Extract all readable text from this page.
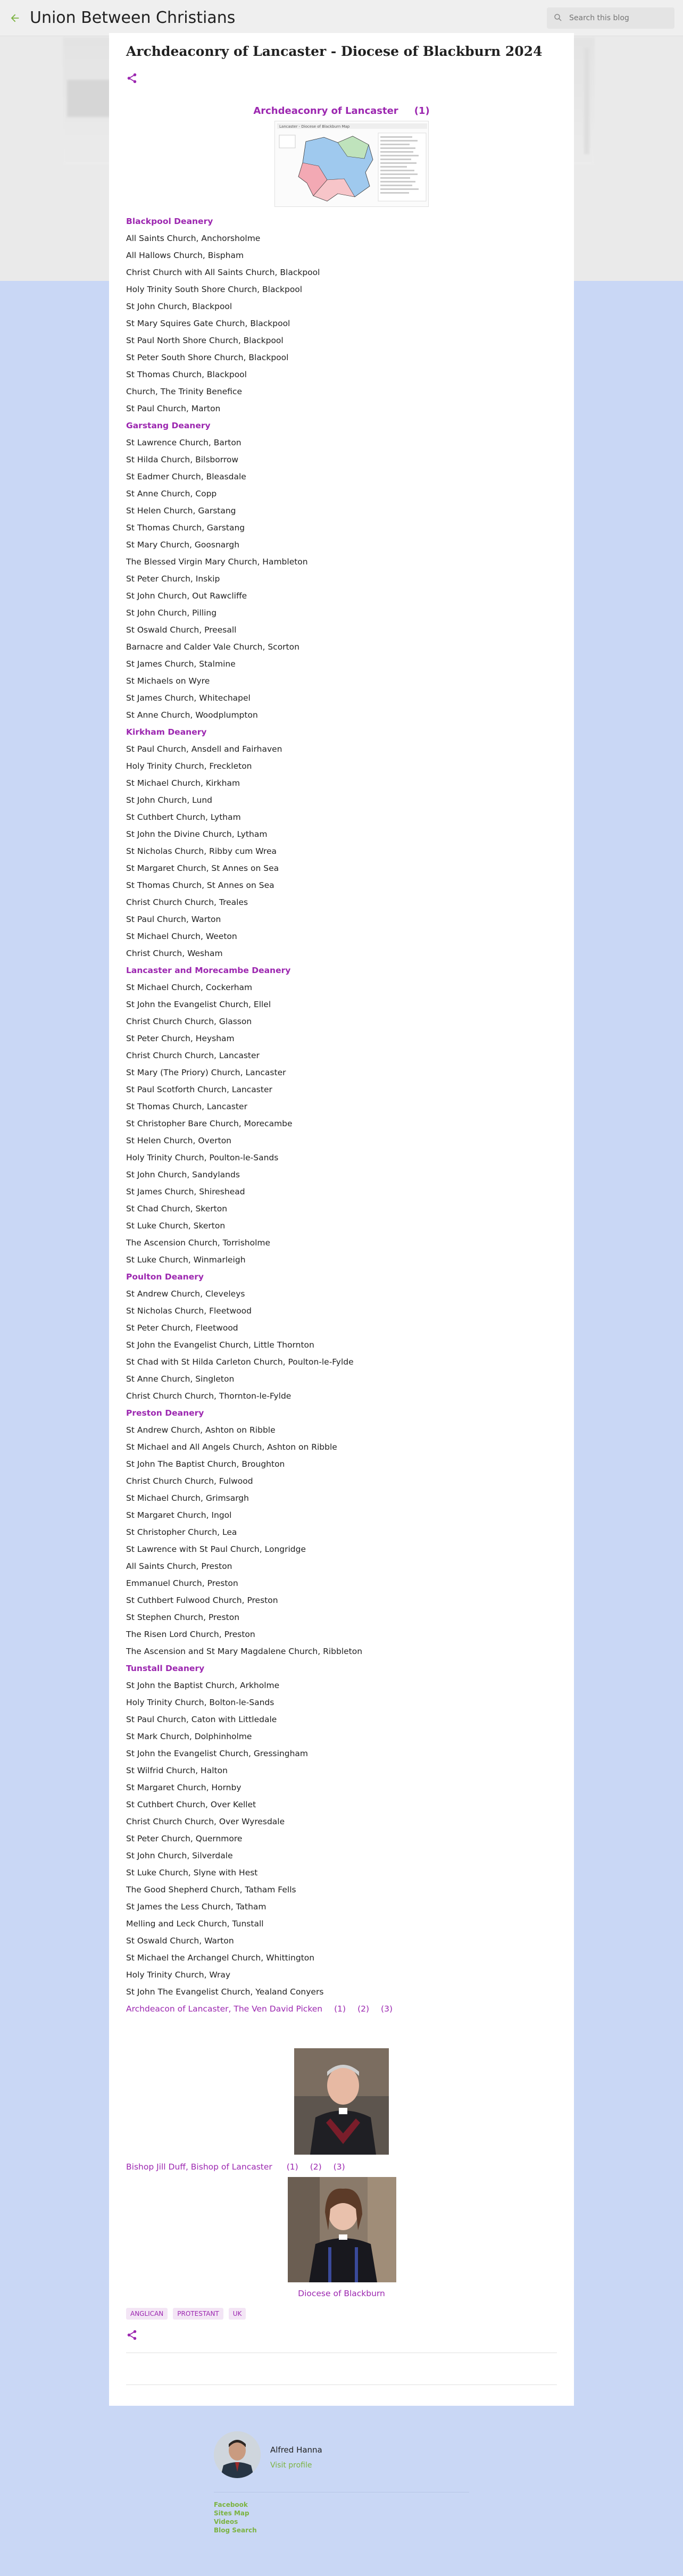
Union Between Christians
Search this blog
Archdeaconry of Lancaster - Diocese of Blackburn 2024
Archdeaconry of Lancaster (1)
Lancaster - Diocese of Blackburn Map
Blackpool Deanery
All Saints Church, Anchorsholme
All Hallows Church, Bispham
Christ Church with All Saints Church, Blackpool
Holy Trinity South Shore Church, Blackpool
St John Church, Blackpool
St Mary Squires Gate Church, Blackpool
St Paul North Shore Church, Blackpool
St Peter South Shore Church, Blackpool
St Thomas Church, Blackpool
Church, The Trinity Benefice
St Paul Church, Marton
Garstang Deanery
St Lawrence Church, Barton
St Hilda Church, Bilsborrow
St Eadmer Church, Bleasdale
St Anne Church, Copp
St Helen Church, Garstang
St Thomas Church, Garstang
St Mary Church, Goosnargh
The Blessed Virgin Mary Church, Hambleton
St Peter Church, Inskip
St John Church, Out Rawcliffe
St John Church, Pilling
St Oswald Church, Preesall
Barnacre and Calder Vale Church, Scorton
St James Church, Stalmine
St Michaels on Wyre
St James Church, Whitechapel
St Anne Church, Woodplumpton
Kirkham Deanery
St Paul Church, Ansdell and Fairhaven
Holy Trinity Church, Freckleton
St Michael Church, Kirkham
St John Church, Lund
St Cuthbert Church, Lytham
St John the Divine Church, Lytham
St Nicholas Church, Ribby cum Wrea
St Margaret Church, St Annes on Sea
St Thomas Church, St Annes on Sea
Christ Church Church, Treales
St Paul Church, Warton
St Michael Church, Weeton
Christ Church, Wesham
Lancaster and Morecambe Deanery
St Michael Church, Cockerham
St John the Evangelist Church, Ellel
Christ Church Church, Glasson
St Peter Church, Heysham
Christ Church Church, Lancaster
St Mary (The Priory) Church, Lancaster
St Paul Scotforth Church, Lancaster
St Thomas Church, Lancaster
St Christopher Bare Church, Morecambe
St Helen Church, Overton
Holy Trinity Church, Poulton-le-Sands
St John Church, Sandylands
St James Church, Shireshead
St Chad Church, Skerton
St Luke Church, Skerton
The Ascension Church, Torrisholme
St Luke Church, Winmarleigh
Poulton Deanery
St Andrew Church, Cleveleys
St Nicholas Church, Fleetwood
St Peter Church, Fleetwood
St John the Evangelist Church, Little Thornton
St Chad with St Hilda Carleton Church, Poulton-le-Fylde
St Anne Church, Singleton
Christ Church Church, Thornton-le-Fylde
Preston Deanery
St Andrew Church, Ashton on Ribble
St Michael and All Angels Church, Ashton on Ribble
St John The Baptist Church, Broughton
Christ Church Church, Fulwood
St Michael Church, Grimsargh
St Margaret Church, Ingol
St Christopher Church, Lea
St Lawrence with St Paul Church, Longridge
All Saints Church, Preston
Emmanuel Church, Preston
St Cuthbert Fulwood Church, Preston
St Stephen Church, Preston
The Risen Lord Church, Preston
The Ascension and St Mary Magdalene Church, Ribbleton
Tunstall Deanery
St John the Baptist Church, Arkholme
Holy Trinity Church, Bolton-le-Sands
St Paul Church, Caton with Littledale
St Mark Church, Dolphinholme
St John the Evangelist Church, Gressingham
St Wilfrid Church, Halton
St Margaret Church, Hornby
St Cuthbert Church, Over Kellet
Christ Church Church, Over Wyresdale
St Peter Church, Quernmore
St John Church, Silverdale
St Luke Church, Slyne with Hest
The Good Shepherd Church, Tatham Fells
St James the Less Church, Tatham
Melling and Leck Church, Tunstall
St Oswald Church, Warton
St Michael the Archangel Church, Whittington
Holy Trinity Church, Wray
St John The Evangelist Church, Yealand Conyers
Archdeacon of Lancaster, The Ven David Picken (1) (2) (3)
Bishop Jill Duff, Bishop of Lancaster (1) (2) (3)
Diocese of Blackburn
ANGLICAN	PROTESTANT	UK
Alfred Hanna
Visit profile
Facebook
Sites Map
Videos
Blog Search
